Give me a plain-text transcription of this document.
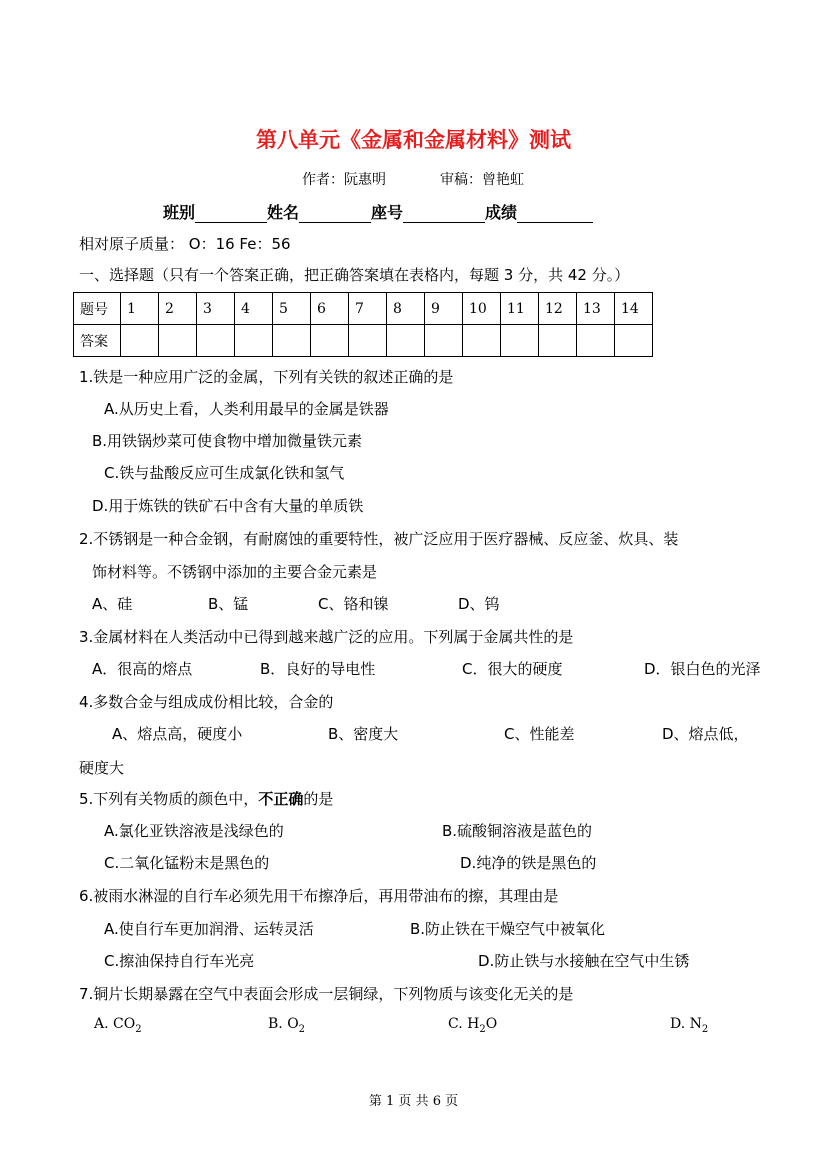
第八单元《金属和金属材料》测试
作者：阮惠明	审稿：曾艳虹
班别	姓名	座号	成绩
相对原子质量： O：16 Fe：56
一、选择题（只有一个答案正确，把正确答案填在表格内，每题 3 分，共 42 分。）
题号	1	2	3	4	5	6	7	8	9	10	11	12	13	14
答案														
1.铁是一种应用广泛的金属，下列有关铁的叙述正确的是
A.从历史上看，人类利用最早的金属是铁器
B.用铁锅炒菜可使食物中增加微量铁元素
C.铁与盐酸反应可生成氯化铁和氢气
D.用于炼铁的铁矿石中含有大量的单质铁
2.不锈钢是一种合金钢，有耐腐蚀的重要特性，被广泛应用于医疗器械、反应釜、炊具、装
饰材料等。不锈钢中添加的主要合金元素是
A、硅	B、锰	C、铬和镍	D、钨
3.金属材料在人类活动中已得到越来越广泛的应用。下列属于金属共性的是
A．很高的熔点	B．良好的导电性	C．很大的硬度	D．银白色的光泽
4.多数合金与组成成份相比较，合金的
A、熔点高，硬度小	B、密度大	C、性能差	D、熔点低，
硬度大
5.下列有关物质的颜色中，不正确的是
A.氯化亚铁溶液是浅绿色的	B.硫酸铜溶液是蓝色的
C.二氧化锰粉末是黑色的	D.纯净的铁是黑色的
6.被雨水淋湿的自行车必须先用干布擦净后，再用带油布的擦，其理由是
A.使自行车更加润滑、运转灵活	B.防止铁在干燥空气中被氧化
C.擦油保持自行车光亮	D.防止铁与水接触在空气中生锈
7.铜片长期暴露在空气中表面会形成一层铜绿，下列物质与该变化无关的是
A. $CO_2$	B. $O_2$	C. $H_2O$	D. $N_2$
第 1 页 共 6 页
